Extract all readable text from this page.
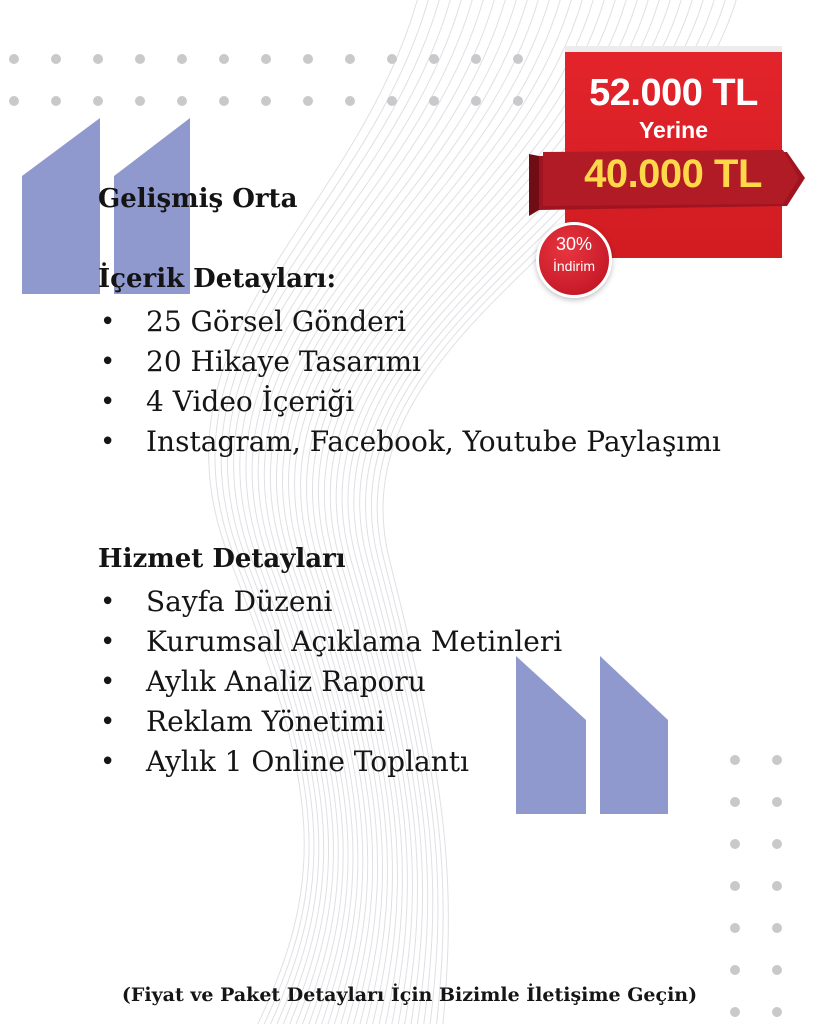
52.000 TL
Yerine
40.000 TL
30%
İndirim
Gelişmiş Orta
İçerik Detayları:
• 25 Görsel Gönderi
• 20 Hikaye Tasarımı
• 4 Video İçeriği
• Instagram, Facebook, Youtube Paylaşımı
Hizmet Detayları
• Sayfa Düzeni
• Kurumsal Açıklama Metinleri
• Aylık Analiz Raporu
• Reklam Yönetimi
• Aylık 1 Online Toplantı
(Fiyat ve Paket Detayları İçin Bizimle İletişime Geçin)
